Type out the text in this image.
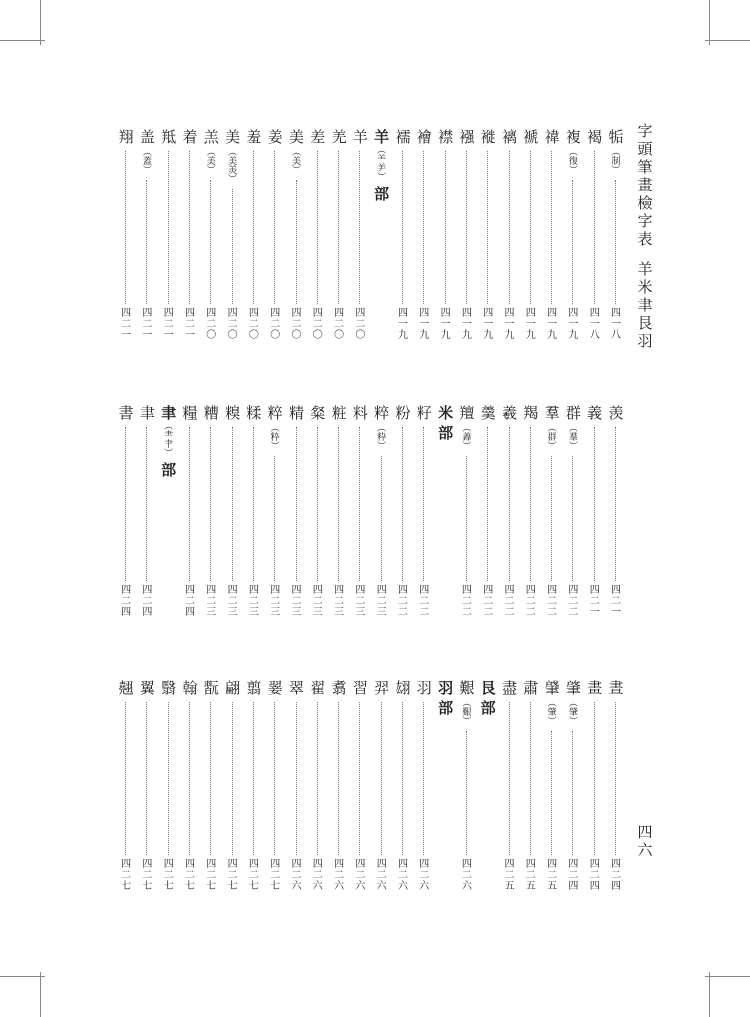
字
頭
筆
畫
檢
字
表
羊
米
聿
艮
羽
四
六
㸸
︵
制
︶
四
一
八
褐
四
一
八
複
︵
復
︶
四
一
九
禕
四
一
九
褫
四
一
九
褵
四
一
九
褷
四
一
九
襁
四
一
九
襟
四
一
九
襘
四
一
九
襦
四
一
九
羊
︵
⺷
⺶
︶
部
羊
四
二
〇
羌
四
二
〇
差
四
二
〇
美
︵
美
︶
四
二
〇
姜
四
二
〇
羞
四
二
〇
美
︵
美
羙
︶
四
二
〇
羔
︵
美
︶
四
二
〇
着
四
二
一
羝
四
二
一
盖
︵
蓋
︶
四
二
一
翔
四
二
一
羡
四
二
一
義
四
二
一
群
︵
羣
︶
四
二
二
羣
︵
群
︶
四
二
二
羯
四
二
二
羲
四
二
二
羹
四
二
二
羶
︵
羴
︶
四
二
二
米
部
籽
四
二
二
粉
四
二
二
粹
︵
粋
︶
四
二
三
料
四
二
三
粧
四
二
三
粲
四
二
三
精
四
二
三
粹
︵
粋
︶
四
二
三
糅
四
二
三
糗
四
二
三
糟
四
二
三
糧
四
二
四
聿
︵
⺻
⺺
︶
部
聿
四
二
四
書
四
二
四
晝
四
二
四
畫
四
二
四
肇
︵
肈
︶
四
二
四
肈
︵
肇
︶
四
二
五
肅
四
二
五
盡
四
二
五
艮
部
艱
︵
艱
︶
四
二
六
羽
部
羽
四
二
六
翃
四
二
六
羿
四
二
六
習
四
二
六
翥
四
二
六
翟
四
二
六
翠
四
二
六
翣
四
二
七
翦
四
二
七
翩
四
二
七
翫
四
二
七
翰
四
二
七
翳
四
二
七
翼
四
二
七
翹
四
二
七
